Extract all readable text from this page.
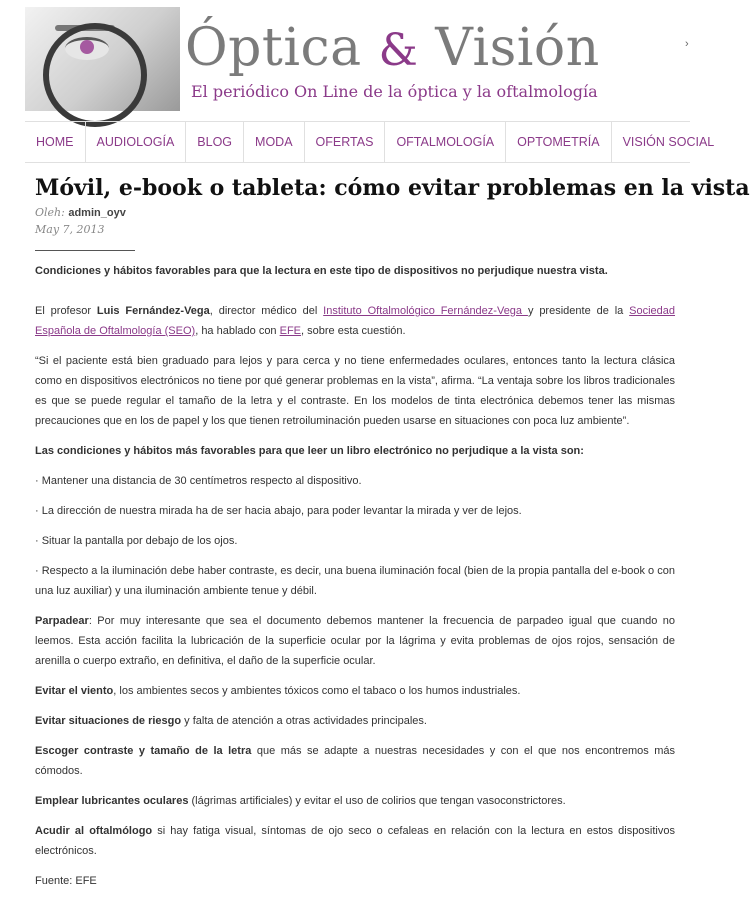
Óptica & Visión
El periódico On Line de la óptica y la oftalmología
›
HOME	AUDIOLOGÍA	BLOG	MODA	OFERTAS	OFTALMOLOGÍA	OPTOMETRÍA	VISIÓN SOCIAL
Móvil, e-book o tableta: cómo evitar problemas en la vista
Oleh: admin_oyv
May 7, 2013

Condiciones y hábitos favorables para que la lectura en este tipo de dispositivos no perjudique nuestra vista.

El profesor Luis Fernández-Vega, director médico del Instituto Oftalmológico Fernández-Vega y presidente de la Sociedad Española de Oftalmología (SEO), ha hablado con EFE, sobre esta cuestión.

“Si el paciente está bien graduado para lejos y para cerca y no tiene enfermedades oculares, entonces tanto la lectura clásica como en dispositivos electrónicos no tiene por qué generar problemas en la vista”, afirma. “La ventaja sobre los libros tradicionales es que se puede regular el tamaño de la letra y el contraste. En los modelos de tinta electrónica debemos tener las mismas precauciones que en los de papel y los que tienen retroiluminación pueden usarse en situaciones con poca luz ambiente”.

Las condiciones y hábitos más favorables para que leer un libro electrónico no perjudique a la vista son:

· Mantener una distancia de 30 centímetros respecto al dispositivo.

· La dirección de nuestra mirada ha de ser hacia abajo, para poder levantar la mirada y ver de lejos.

· Situar la pantalla por debajo de los ojos.

· Respecto a la iluminación debe haber contraste, es decir, una buena iluminación focal (bien de la propia pantalla del e-book o con una luz auxiliar) y una iluminación ambiente tenue y débil.

Parpadear: Por muy interesante que sea el documento debemos mantener la frecuencia de parpadeo igual que cuando no leemos. Esta acción facilita la lubricación de la superficie ocular por la lágrima y evita problemas de ojos rojos, sensación de arenilla o cuerpo extraño, en definitiva, el daño de la superficie ocular.

Evitar el viento, los ambientes secos y ambientes tóxicos como el tabaco o los humos industriales.

Evitar situaciones de riesgo y falta de atención a otras actividades principales.

Escoger contraste y tamaño de la letra que más se adapte a nuestras necesidades y con el que nos encontremos más cómodos.

Emplear lubricantes oculares (lágrimas artificiales) y evitar el uso de colirios que tengan vasoconstrictores.

Acudir al oftalmólogo si hay fatiga visual, síntomas de ojo seco o cefaleas en relación con la lectura en estos dispositivos electrónicos.

Fuente: EFE
